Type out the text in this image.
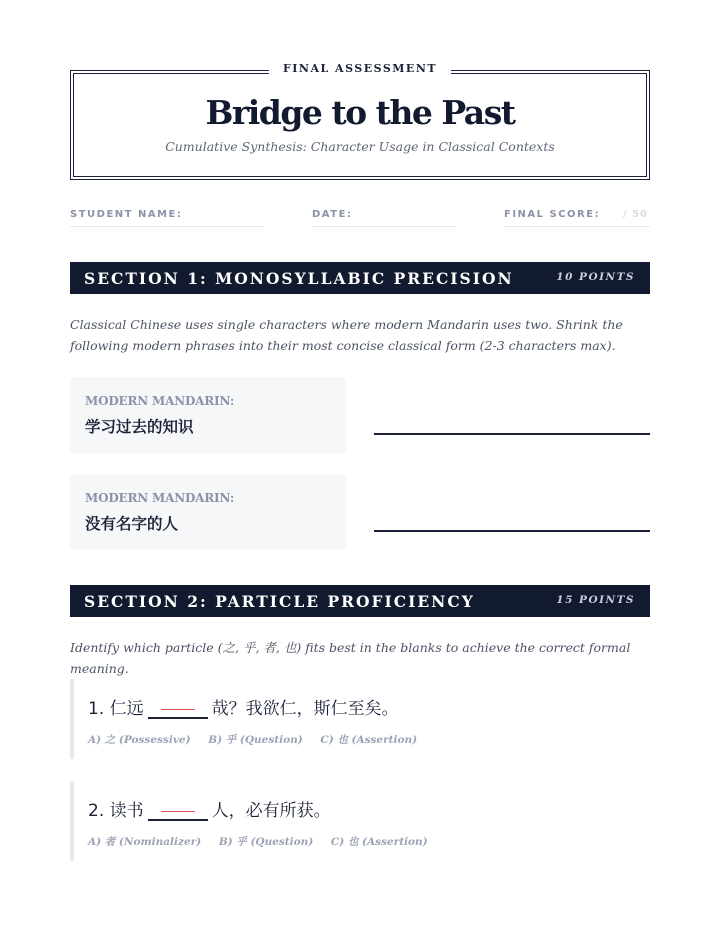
FINAL ASSESSMENT
Bridge to the Past
Cumulative Synthesis: Character Usage in Classical Contexts
STUDENT NAME:	DATE:	FINAL SCORE: / 50
SECTION 1: MONOSYLLABIC PRECISION	10 POINTS
Classical Chinese uses single characters where modern Mandarin uses two. Shrink the following modern phrases into their most concise classical form (2-3 characters max).
MODERN MANDARIN:
学习过去的知识
MODERN MANDARIN:
没有名字的人
SECTION 2: PARTICLE PROFICIENCY	15 POINTS
Identify which particle (之, 乎, 者, 也) fits best in the blanks to achieve the correct formal meaning.
1. 仁远	哉？我欲仁，斯仁至矣。
A) 之 (Possessive) B) 乎 (Question) C) 也 (Assertion)
2. 读书	人，必有所获。
A) 者 (Nominalizer) B) 乎 (Question) C) 也 (Assertion)
